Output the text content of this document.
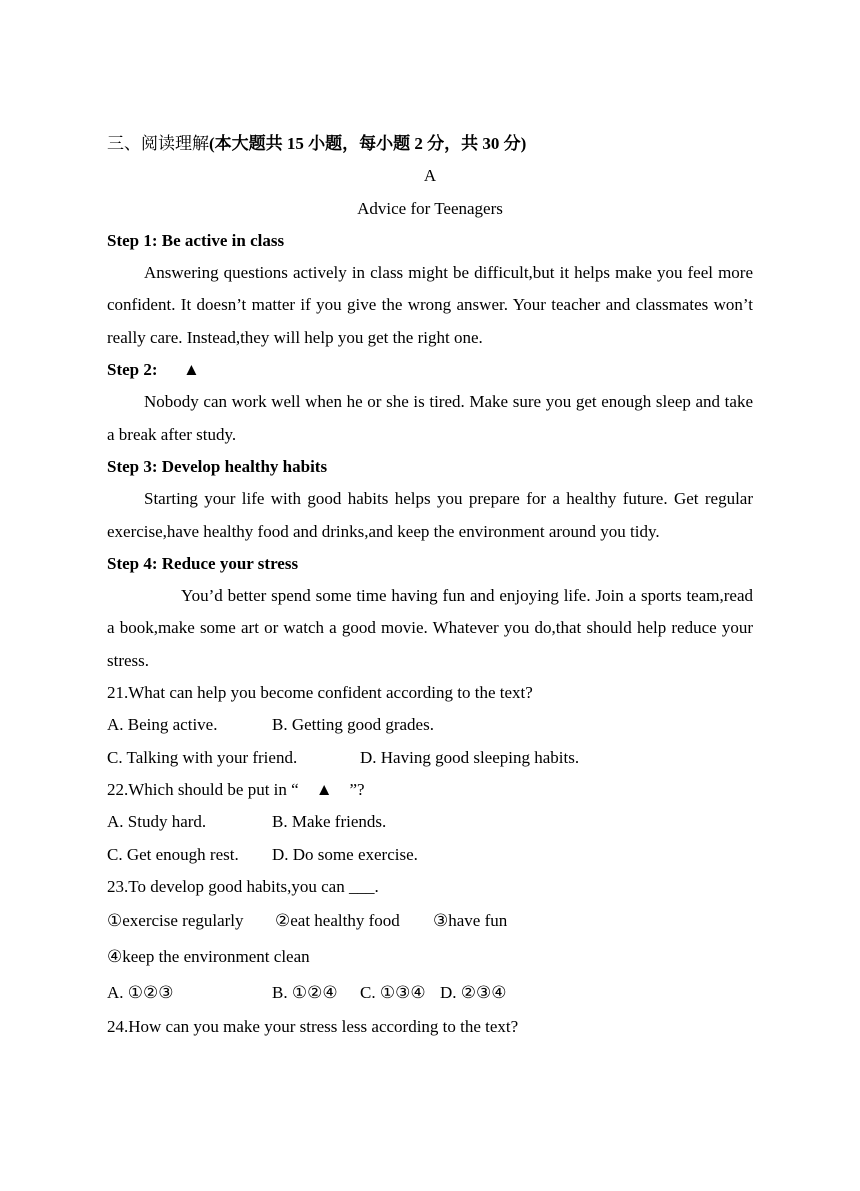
三、阅读理解(本大题共 15 小题，每小题 2 分，共 30 分)
A
Advice for Teenagers
Step 1: Be active in class
Answering questions actively in class might be difficult,but it helps make you feel more confident. It doesn’t matter if you give the wrong answer. Your teacher and classmates won’t really care. Instead,they will help you get the right one.
Step 2:      ▲
Nobody can work well when he or she is tired. Make sure you get enough sleep and take a break after study.
Step 3: Develop healthy habits
Starting your life with good habits helps you prepare for a healthy future. Get regular exercise,have healthy food and drinks,and keep the environment around you tidy.
Step 4: Reduce your stress
You’d better spend some time having fun and enjoying life. Join a sports team,read a book,make some art or watch a good movie. Whatever you do,that should help reduce your stress.
21.What can help you become confident according to the text?
A. Being active.	B. Getting good grades.
C. Talking with your friend.	D. Having good sleeping habits.
22.Which should be put in “    ▲    ”?
A. Study hard.	B. Make friends.
C. Get enough rest.	D. Do some exercise.
23.To develop good habits,you can ___.
①exercise regularly	②eat healthy food	③have fun
④keep the environment clean
A. ①②③	B. ①②④	C. ①③④ D. ②③④
24.How can you make your stress less according to the text?
